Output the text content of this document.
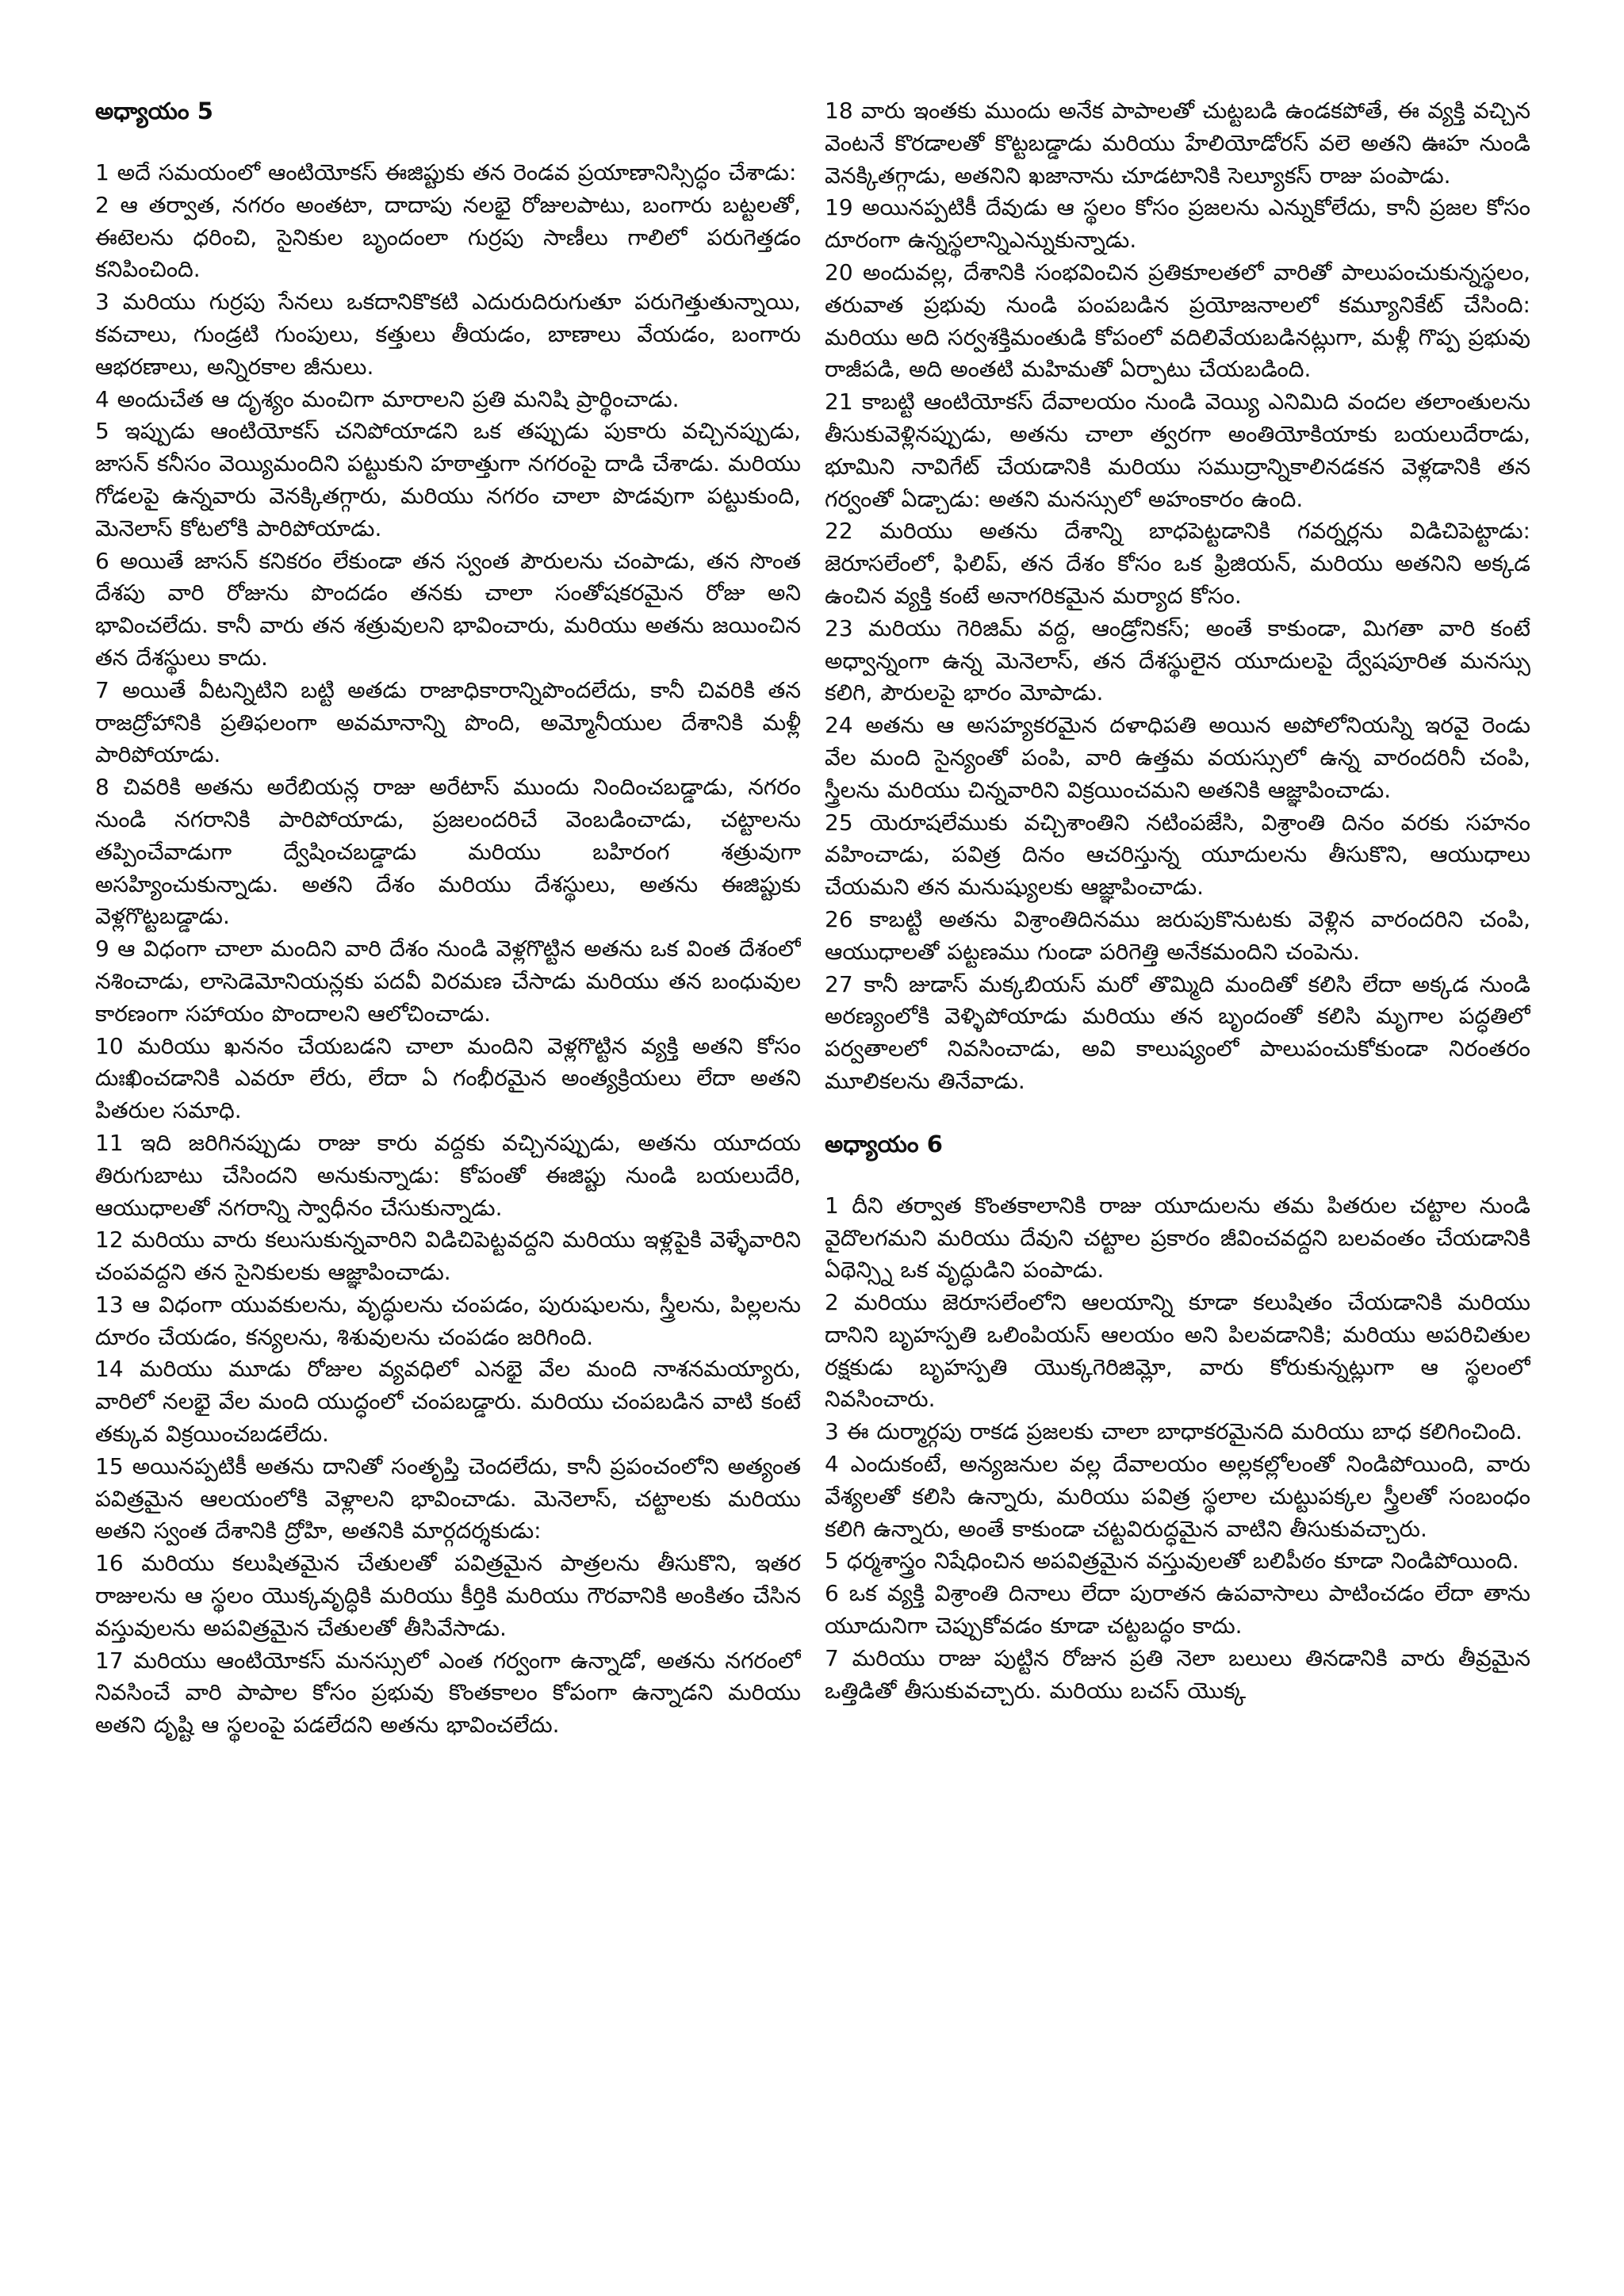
అధ్యాయం 5

1 అదే సమయంలో ఆంటియోకస్ ఈజిప్టుకు తన రెండవ ప్రయాణానిస్సిద్ధం చేశాడు:

2 ఆ తర్వాత, నగరం అంతటా, దాదాపు నలభై రోజులపాటు, బంగారు బట్టలతో, ఈటెలను ధరించి, సైనికుల బృందంలా గుర్రపు సాణీలు గాలిలో పరుగెత్తడం కనిపించింది.

3 మరియు గుర్రపు సేనలు ఒకదానికొకటి ఎదురుదిరుగుతూ పరుగెత్తుతున్నాయి, కవచాలు, గుండ్రటి గుంపులు, కత్తులు తీయడం, బాణాలు వేయడం, బంగారు ఆభరణాలు, అన్నిరకాల జీనులు.

4 అందుచేత ఆ దృశ్యం మంచిగా మారాలని ప్రతి మనిషి ప్రార్థించాడు.

5 ఇప్పుడు ఆంటియోకస్ చనిపోయాడని ఒక తప్పుడు పుకారు వచ్చినప్పుడు, జాసన్ కనీసం వెయ్యిమందిని పట్టుకుని హఠాత్తుగా నగరంపై దాడి చేశాడు. మరియు గోడలపై ఉన్నవారు వెనక్కితగ్గారు, మరియు నగరం చాలా పొడవుగా పట్టుకుంది, మెనెలాస్ కోటలోకి పారిపోయాడు.

6 అయితే జాసన్ కనికరం లేకుండా తన స్వంత పౌరులను చంపాడు, తన సొంత దేశపు వారి రోజును పొందడం తనకు చాలా సంతోషకరమైన రోజు అని భావించలేదు. కానీ వారు తన శత్రువులని భావించారు, మరియు అతను జయించిన తన దేశస్థులు కాదు.

7 అయితే వీటన్నిటిని బట్టి అతడు రాజాధికారాన్నిపొందలేదు, కానీ చివరికి తన రాజద్రోహానికి ప్రతిఫలంగా అవమానాన్ని పొంది, అమ్మోనీయుల దేశానికి మళ్లీ పారిపోయాడు.

8 చివరికి అతను అరేబియన్ల రాజు అరేటాస్ ముందు నిందించబడ్డాడు, నగరం నుండి నగరానికి పారిపోయాడు, ప్రజలందరిచే వెంబడించాడు, చట్టాలను తప్పించేవాడుగా ద్వేషించబడ్డాడు మరియు బహిరంగ శత్రువుగా అసహ్యించుకున్నాడు. అతని దేశం మరియు దేశస్థులు, అతను ఈజిప్టుకు వెళ్లగొట్టబడ్డాడు.

9 ఆ విధంగా చాలా మందిని వారి దేశం నుండి వెళ్లగొట్టిన అతను ఒక వింత దేశంలో నశించాడు, లాసెడెమోనియన్లకు పదవీ విరమణ చేసాడు మరియు తన బంధువుల కారణంగా సహాయం పొందాలని ఆలోచించాడు.

10 మరియు ఖననం చేయబడని చాలా మందిని వెళ్లగొట్టిన వ్యక్తి అతని కోసం దుఃఖించడానికి ఎవరూ లేరు, లేదా ఏ గంభీరమైన అంత్యక్రియలు లేదా అతని పితరుల సమాధి.

11 ఇది జరిగినప్పుడు రాజు కారు వద్దకు వచ్చినప్పుడు, అతను యూదయ తిరుగుబాటు చేసిందని అనుకున్నాడు: కోపంతో ఈజిప్టు నుండి బయలుదేరి, ఆయుధాలతో నగరాన్ని స్వాధీనం చేసుకున్నాడు.

12 మరియు వారు కలుసుకున్నవారిని విడిచిపెట్టవద్దని మరియు ఇళ్లపైకి వెళ్ళేవారిని చంపవద్దని తన సైనికులకు ఆజ్ఞాపించాడు.

13 ఆ విధంగా యువకులను, వృద్ధులను చంపడం, పురుషులను, స్త్రీలను, పిల్లలను దూరం చేయడం, కన్యలను, శిశువులను చంపడం జరిగింది.

14 మరియు మూడు రోజుల వ్యవధిలో ఎనభై వేల మంది నాశనమయ్యారు, వారిలో నలభై వేల మంది యుద్ధంలో చంపబడ్డారు. మరియు చంపబడిన వాటి కంటే తక్కువ విక్రయించబడలేదు.

15 అయినప్పటికీ అతను దానితో సంతృప్తి చెందలేదు, కానీ ప్రపంచంలోని అత్యంత పవిత్రమైన ఆలయంలోకి వెళ్లాలని భావించాడు. మెనెలాస్, చట్టాలకు మరియు అతని స్వంత దేశానికి ద్రోహి, అతనికి మార్గదర్శకుడు:

16 మరియు కలుషితమైన చేతులతో పవిత్రమైన పాత్రలను తీసుకొని, ఇతర రాజులను ఆ స్థలం యొక్కవృద్ధికి మరియు కీర్తికి మరియు గౌరవానికి అంకితం చేసిన వస్తువులను అపవిత్రమైన చేతులతో తీసివేసాడు.

17 మరియు ఆంటియోకస్ మనస్సులో ఎంత గర్వంగా ఉన్నాడో, అతను నగరంలో నివసించే వారి పాపాల కోసం ప్రభువు కొంతకాలం కోపంగా ఉన్నాడని మరియు అతని దృష్టి ఆ స్థలంపై పడలేదని అతను భావించలేదు.

18 వారు ఇంతకు ముందు అనేక పాపాలతో చుట్టబడి ఉండకపోతే, ఈ వ్యక్తి వచ్చిన వెంటనే కొరడాలతో కొట్టబడ్డాడు మరియు హేలియోడోరస్ వలె అతని ఊహ నుండి వెనక్కితగ్గాడు, అతనిని ఖజానాను చూడటానికి సెల్యూకస్ రాజు పంపాడు.

19 అయినప్పటికీ దేవుడు ఆ స్థలం కోసం ప్రజలను ఎన్నుకోలేదు, కానీ ప్రజల కోసం దూరంగా ఉన్నస్థలాన్నిఎన్నుకున్నాడు.

20 అందువల్ల, దేశానికి సంభవించిన ప్రతికూలతలో వారితో పాలుపంచుకున్నస్థలం, తరువాత ప్రభువు నుండి పంపబడిన ప్రయోజనాలలో కమ్యూనికేట్ చేసింది: మరియు అది సర్వశక్తిమంతుడి కోపంలో వదిలివేయబడినట్లుగా, మళ్లీ గొప్ప ప్రభువు రాజీపడి, అది అంతటి మహిమతో ఏర్పాటు చేయబడింది.

21 కాబట్టి ఆంటియోకస్ దేవాలయం నుండి వెయ్యి ఎనిమిది వందల తలాంతులను తీసుకువెళ్లినప్పుడు, అతను చాలా త్వరగా అంతియోకియాకు బయలుదేరాడు, భూమిని నావిగేట్ చేయడానికి మరియు సముద్రాన్నికాలినడకన వెళ్లడానికి తన గర్వంతో ఏడ్చాడు: అతని మనస్సులో అహంకారం ఉంది.

22 మరియు అతను దేశాన్ని బాధపెట్టడానికి గవర్నర్లను విడిచిపెట్టాడు: జెరూసలేంలో, ఫిలిప్, తన దేశం కోసం ఒక ఫ్రిజియన్, మరియు అతనిని అక్కడ ఉంచిన వ్యక్తి కంటే అనాగరికమైన మర్యాద కోసం.

23 మరియు గెరిజిమ్ వద్ద, ఆండ్రోనికస్; అంతే కాకుండా, మిగతా వారి కంటే అధ్వాన్నంగా ఉన్న మెనెలాస్, తన దేశస్థులైన యూదులపై ద్వేషపూరిత మనస్సు కలిగి, పౌరులపై భారం మోపాడు.

24 అతను ఆ అసహ్యకరమైన దళాధిపతి అయిన అపోలోనియస్ని ఇరవై రెండు వేల మంది సైన్యంతో పంపి, వారి ఉత్తమ వయస్సులో ఉన్న వారందరినీ చంపి, స్త్రీలను మరియు చిన్నవారిని విక్రయించమని అతనికి ఆజ్ఞాపించాడు.

25 యెరూషలేముకు వచ్చిశాంతిని నటింపజేసి, విశ్రాంతి దినం వరకు సహనం వహించాడు, పవిత్ర దినం ఆచరిస్తున్న యూదులను తీసుకొని, ఆయుధాలు చేయమని తన మనుష్యులకు ఆజ్ఞాపించాడు.

26 కాబట్టి అతను విశ్రాంతిదినము జరుపుకొనుటకు వెళ్లిన వారందరిని చంపి, ఆయుధాలతో పట్టణము గుండా పరిగెత్తి అనేకమందిని చంపెను.

27 కానీ జుడాస్ మక్కబియస్ మరో తొమ్మిది మందితో కలిసి లేదా అక్కడ నుండి అరణ్యంలోకి వెళ్ళిపోయాడు మరియు తన బృందంతో కలిసి మృగాల పద్ధతిలో పర్వతాలలో నివసించాడు, అవి కాలుష్యంలో పాలుపంచుకోకుండా నిరంతరం మూలికలను తినేవాడు.

అధ్యాయం 6

1 దీని తర్వాత కొంతకాలానికి రాజు యూదులను తమ పితరుల చట్టాల నుండి వైదొలగమని మరియు దేవుని చట్టాల ప్రకారం జీవించవద్దని బలవంతం చేయడానికి ఏథెన్స్ని ఒక వృద్ధుడిని పంపాడు.

2 మరియు జెరూసలేంలోని ఆలయాన్ని కూడా కలుషితం చేయడానికి మరియు దానిని బృహస్పతి ఒలింపియస్ ఆలయం అని పిలవడానికి; మరియు అపరిచితుల రక్షకుడు బృహస్పతి యొక్కగెరిజిమ్లో, వారు కోరుకున్నట్లుగా ఆ స్థలంలో నివసించారు.

3 ఈ దుర్మార్గపు రాకడ ప్రజలకు చాలా బాధాకరమైనది మరియు బాధ కలిగించింది.

4 ఎందుకంటే, అన్యజనుల వల్ల దేవాలయం అల్లకల్లోలంతో నిండిపోయింది, వారు వేశ్యలతో కలిసి ఉన్నారు, మరియు పవిత్ర స్థలాల చుట్టుపక్కల స్త్రీలతో సంబంధం కలిగి ఉన్నారు, అంతే కాకుండా చట్టవిరుద్ధమైన వాటిని తీసుకువచ్చారు.

5 ధర్మశాస్త్రం నిషేధించిన అపవిత్రమైన వస్తువులతో బలిపీఠం కూడా నిండిపోయింది.

6 ఒక వ్యక్తి విశ్రాంతి దినాలు లేదా పురాతన ఉపవాసాలు పాటించడం లేదా తాను యూదునిగా చెప్పుకోవడం కూడా చట్టబద్ధం కాదు.

7 మరియు రాజు పుట్టిన రోజున ప్రతి నెలా బలులు తినడానికి వారు తీవ్రమైన ఒత్తిడితో తీసుకువచ్చారు. మరియు బచస్ యొక్క
